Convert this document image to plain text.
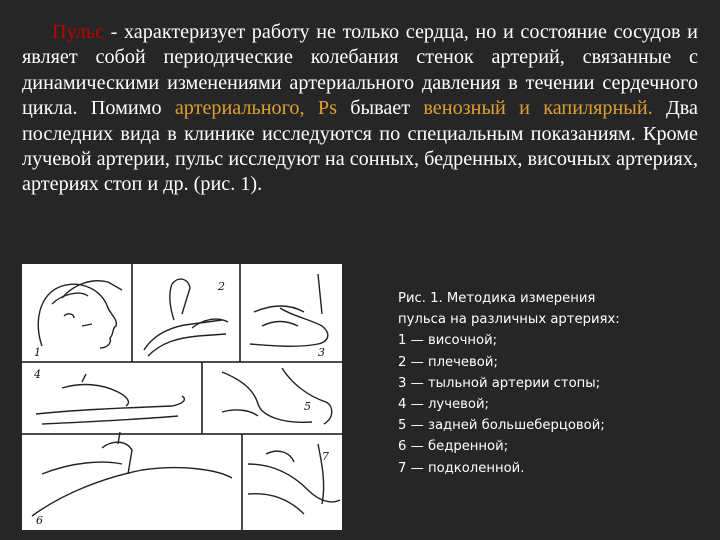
Пульс - характеризует работу не только сердца, но и состояние сосудов и являет собой периодические колебания стенок артерий, связанные с динамическими изменениями артериального давления в течении сердечного цикла. Помимо артериального, Ps бывает венозный и капилярный. Два последних вида в клинике исследуются по специальным показаниям. Кроме лучевой артерии, пульс исследуют на сонных, бедренных, височных артериях, артериях стоп и др. (рис. 1).

1
2
3
4
5
6
7

Рис. 1. Методика измерения
пульса на различных артериях:
1 — височной;
2 — плечевой;
3 — тыльной артерии стопы;
4 — лучевой;
5 — задней большеберцовой;
6 — бедренной;
7 — подколенной.
